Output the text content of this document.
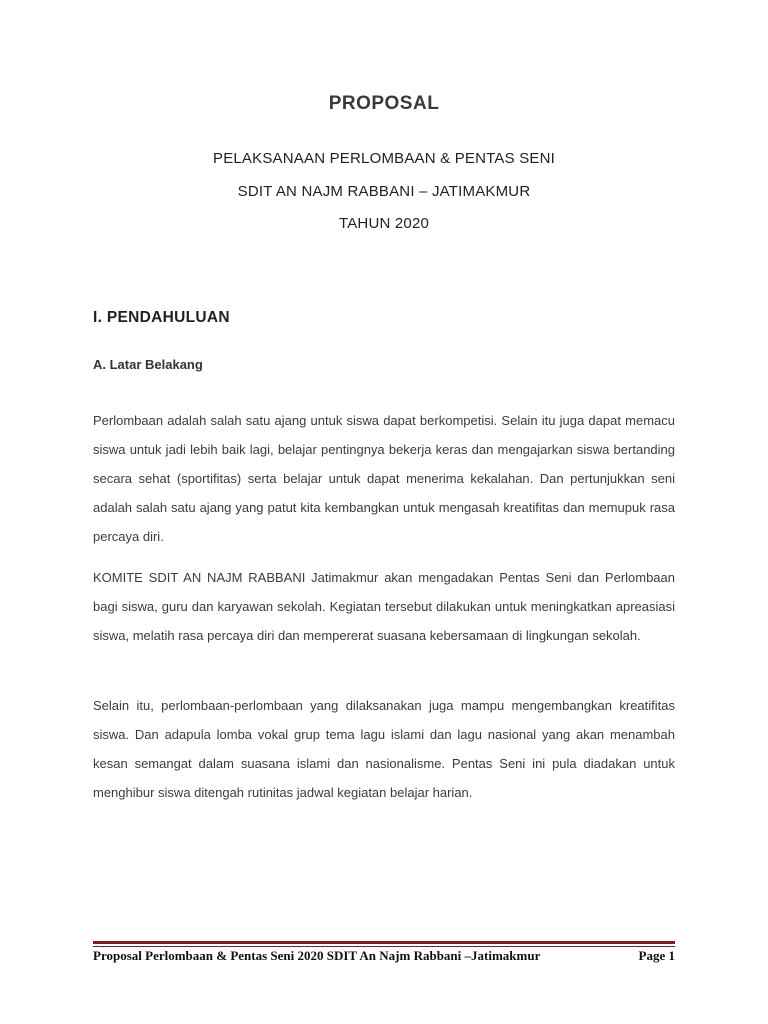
PROPOSAL
PELAKSANAAN PERLOMBAAN & PENTAS SENI
SDIT AN NAJM RABBANI – JATIMAKMUR
TAHUN 2020
I. PENDAHULUAN
A. Latar Belakang

Perlombaan adalah salah satu ajang untuk siswa dapat berkompetisi. Selain itu juga dapat memacu siswa untuk jadi lebih baik lagi, belajar pentingnya bekerja keras dan mengajarkan siswa bertanding secara sehat (sportifitas) serta belajar untuk dapat menerima kekalahan. Dan pertunjukkan seni adalah salah satu ajang yang patut kita kembangkan untuk mengasah kreatifitas dan memupuk rasa percaya diri.

KOMITE SDIT AN NAJM RABBANI Jatimakmur akan mengadakan Pentas Seni dan Perlombaan bagi siswa, guru dan karyawan sekolah. Kegiatan tersebut dilakukan untuk meningkatkan apreasiasi siswa, melatih rasa percaya diri dan mempererat suasana kebersamaan di lingkungan sekolah.

Selain itu, perlombaan-perlombaan yang dilaksanakan juga mampu mengembangkan kreatifitas siswa. Dan adapula lomba vokal grup tema lagu islami dan lagu nasional yang akan menambah kesan semangat dalam suasana islami dan nasionalisme. Pentas Seni ini pula diadakan untuk menghibur siswa ditengah rutinitas jadwal kegiatan belajar harian.

Proposal Perlombaan & Pentas Seni 2020 SDIT An Najm Rabbani –Jatimakmur	Page 1
